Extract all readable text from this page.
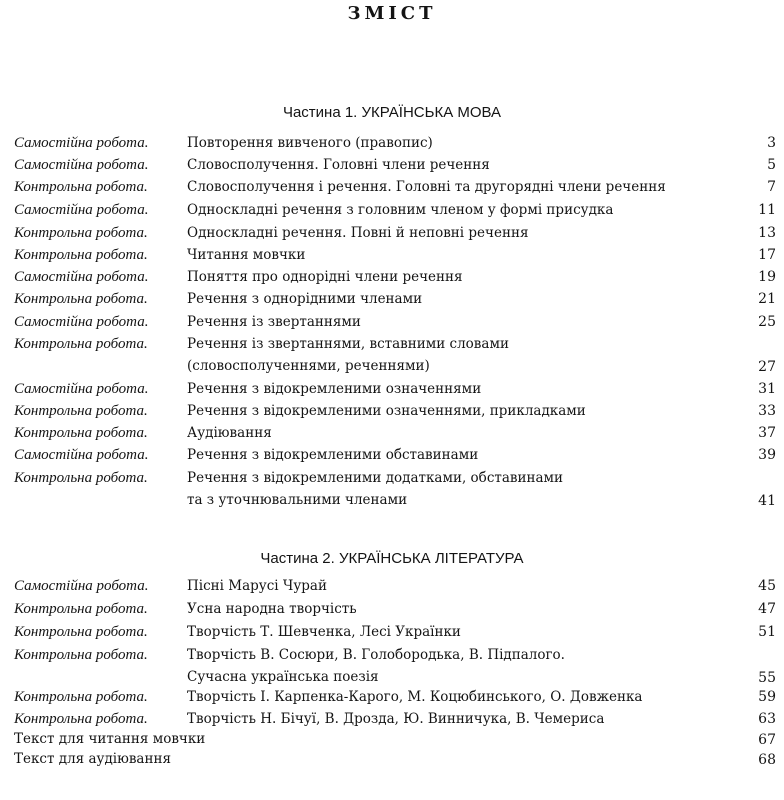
ЗМІСТ
Частина 1. УКРАЇНСЬКА МОВА
Самостійна робота.	Повторення вивченого (правопис)	3
Самостійна робота.	Словосполучення. Головні члени речення	5
Контрольна робота.	Словосполучення і речення. Головні та другорядні члени речення	7
Самостійна робота.	Односкладні речення з головним членом у формі присудка	11
Контрольна робота.	Односкладні речення. Повні й неповні речення	13
Контрольна робота.	Читання мовчки	17
Самостійна робота.	Поняття про однорідні члени речення	19
Контрольна робота.	Речення з однорідними членами	21
Самостійна робота.	Речення із звертаннями	25
Контрольна робота.	Речення із звертаннями, вставними словами
(словосполученнями, реченнями)	27
Самостійна робота.	Речення з відокремленими означеннями	31
Контрольна робота.	Речення з відокремленими означеннями, прикладками	33
Контрольна робота.	Аудіювання	37
Самостійна робота.	Речення з відокремленими обставинами	39
Контрольна робота.	Речення з відокремленими додатками, обставинами
та з уточнювальними членами	41
Частина 2. УКРАЇНСЬКА ЛІТЕРАТУРА
Самостійна робота.	Пісні Марусі Чурай	45
Контрольна робота.	Усна народна творчість	47
Контрольна робота.	Творчість Т. Шевченка, Лесі Українки	51
Контрольна робота.	Творчість В. Сосюри, В. Голобородька, В. Підпалого.
Сучасна українська поезія	55
Контрольна робота.	Творчість І. Карпенка-Карого, М. Коцюбинського, О. Довженка	59
Контрольна робота.	Творчість Н. Бічуї, В. Дрозда, Ю. Винничука, В. Чемериса	63
Текст для читання мовчки	67
Текст для аудіювання	68
